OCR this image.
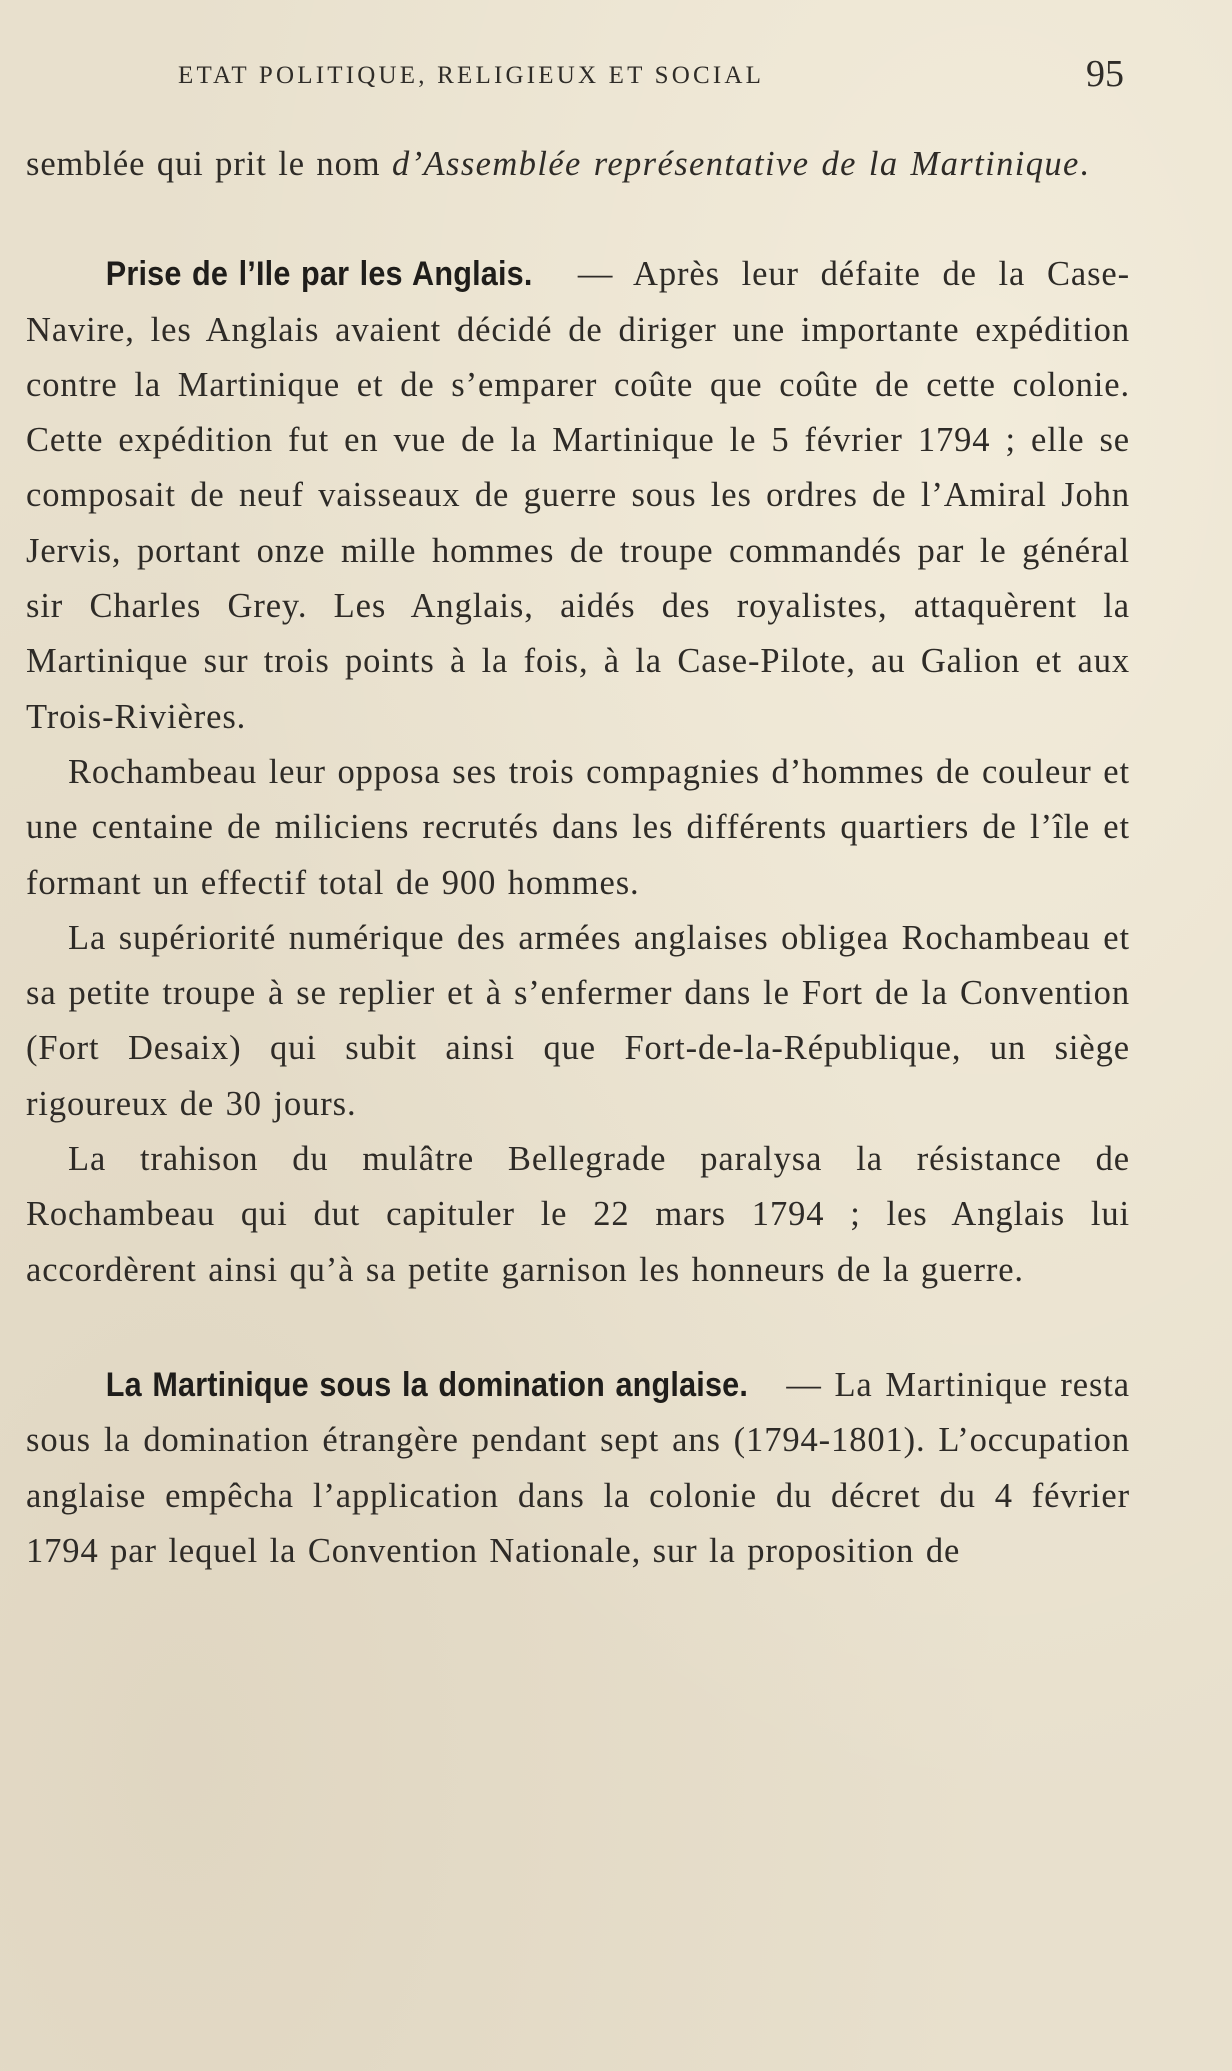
ETAT POLITIQUE, RELIGIEUX ET SOCIAL	95

semblée qui prit le nom d’Assemblée représentative de la Martinique.

Prise de l’Ile par les Anglais. — Après leur défaite de la Case-Navire, les Anglais avaient décidé de diriger une importante expédition contre la Martinique et de s’emparer coûte que coûte de cette colonie. Cette expédition fut en vue de la Martinique le 5 février 1794 ; elle se composait de neuf vaisseaux de guerre sous les ordres de l’Amiral John Jervis, portant onze mille hommes de troupe commandés par le général sir Charles Grey. Les Anglais, aidés des royalistes, attaquèrent la Martinique sur trois points à la fois, à la Case-Pilote, au Galion et aux Trois-Rivières.

Rochambeau leur opposa ses trois compagnies d’hommes de couleur et une centaine de miliciens recrutés dans les différents quartiers de l’île et formant un effectif total de 900 hommes.

La supériorité numérique des armées anglaises obligea Rochambeau et sa petite troupe à se replier et à s’enfermer dans le Fort de la Convention (Fort Desaix) qui subit ainsi que Fort-de-la-République, un siège rigoureux de 30 jours.

La trahison du mulâtre Bellegrade paralysa la résistance de Rochambeau qui dut capituler le 22 mars 1794 ; les Anglais lui accordèrent ainsi qu’à sa petite garnison les honneurs de la guerre.

La Martinique sous la domination anglaise. — La Martinique resta sous la domination étrangère pendant sept ans (1794-1801). L’occupation anglaise empêcha l’application dans la colonie du décret du 4 février 1794 par lequel la Convention Nationale, sur la proposition de
